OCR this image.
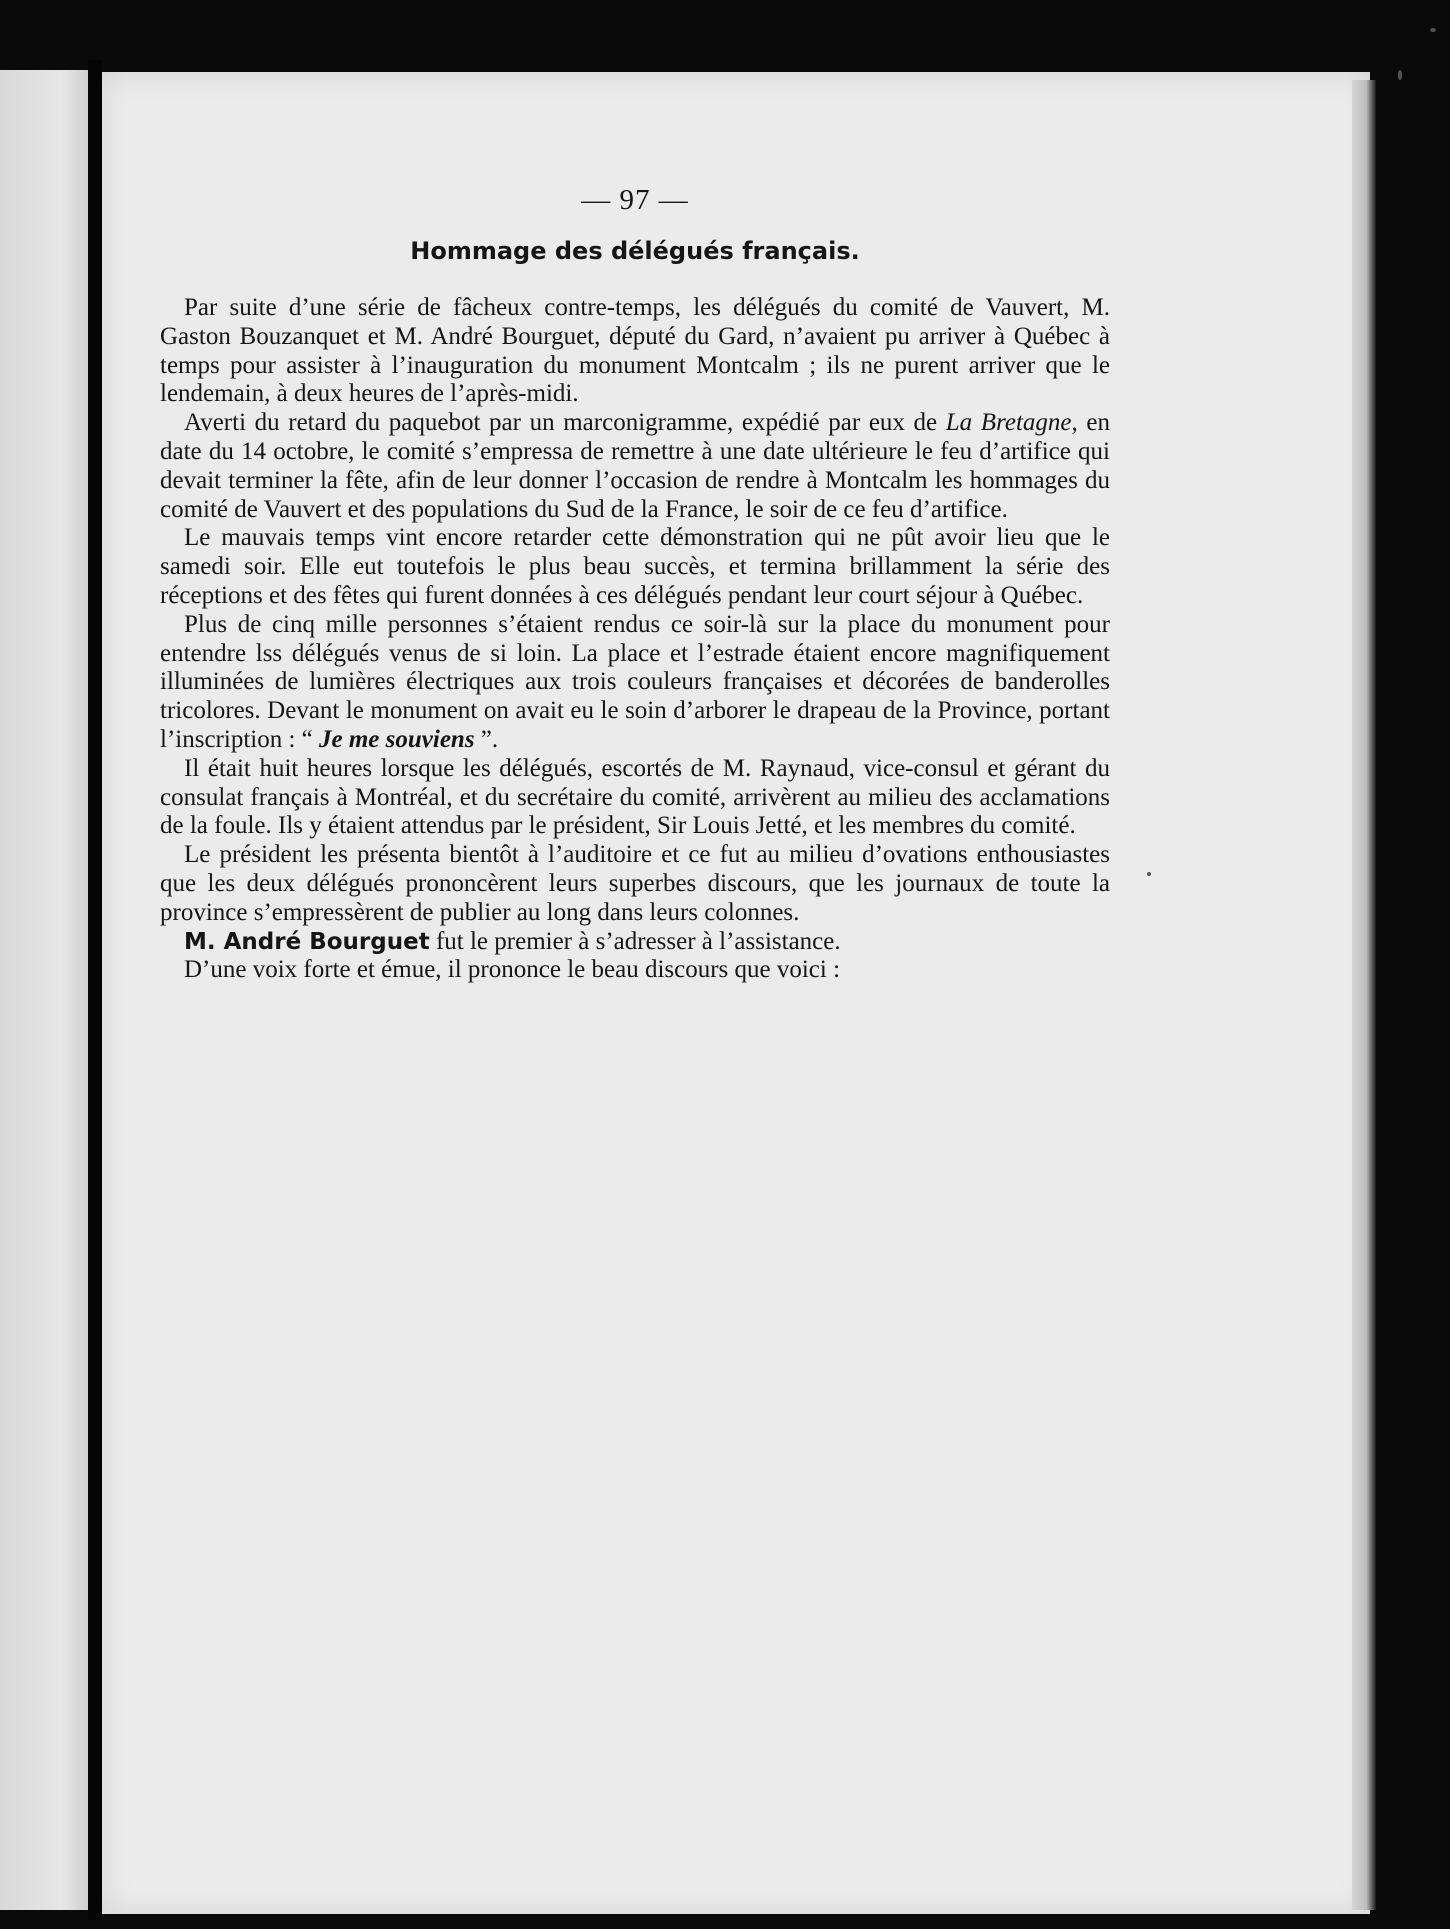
— 97 —
Hommage des délégués français.

Par suite d’une série de fâcheux contre-temps, les délégués du comité de Vauvert, M. Gaston Bouzanquet et M. André Bourguet, député du Gard, n’avaient pu arriver à Québec à temps pour assister à l’inauguration du monument Montcalm ; ils ne purent arriver que le lendemain, à deux heures de l’après-midi.

Averti du retard du paquebot par un marconigramme, expédié par eux de La Bretagne, en date du 14 octobre, le comité s’empressa de remettre à une date ultérieure le feu d’artifice qui devait terminer la fête, afin de leur donner l’occasion de rendre à Montcalm les hommages du comité de Vauvert et des populations du Sud de la France, le soir de ce feu d’artifice.

Le mauvais temps vint encore retarder cette démonstration qui ne pût avoir lieu que le samedi soir. Elle eut toutefois le plus beau succès, et termina brillamment la série des réceptions et des fêtes qui furent données à ces délégués pendant leur court séjour à Québec.

Plus de cinq mille personnes s’étaient rendus ce soir-là sur la place du monument pour entendre lss délégués venus de si loin. La place et l’estrade étaient encore magnifiquement illuminées de lumières électriques aux trois couleurs françaises et décorées de banderolles tricolores. Devant le monument on avait eu le soin d’arborer le drapeau de la Province, portant l’inscription : “ Je me souviens ”.

Il était huit heures lorsque les délégués, escortés de M. Raynaud, vice-consul et gérant du consulat français à Montréal, et du secrétaire du comité, arrivèrent au milieu des acclamations de la foule. Ils y étaient attendus par le président, Sir Louis Jetté, et les membres du comité.

Le président les présenta bientôt à l’auditoire et ce fut au milieu d’ovations enthousiastes que les deux délégués prononcèrent leurs superbes discours, que les journaux de toute la province s’empressèrent de publier au long dans leurs colonnes.

M. André Bourguet fut le premier à s’adresser à l’assistance.

D’une voix forte et émue, il prononce le beau discours que voici :
